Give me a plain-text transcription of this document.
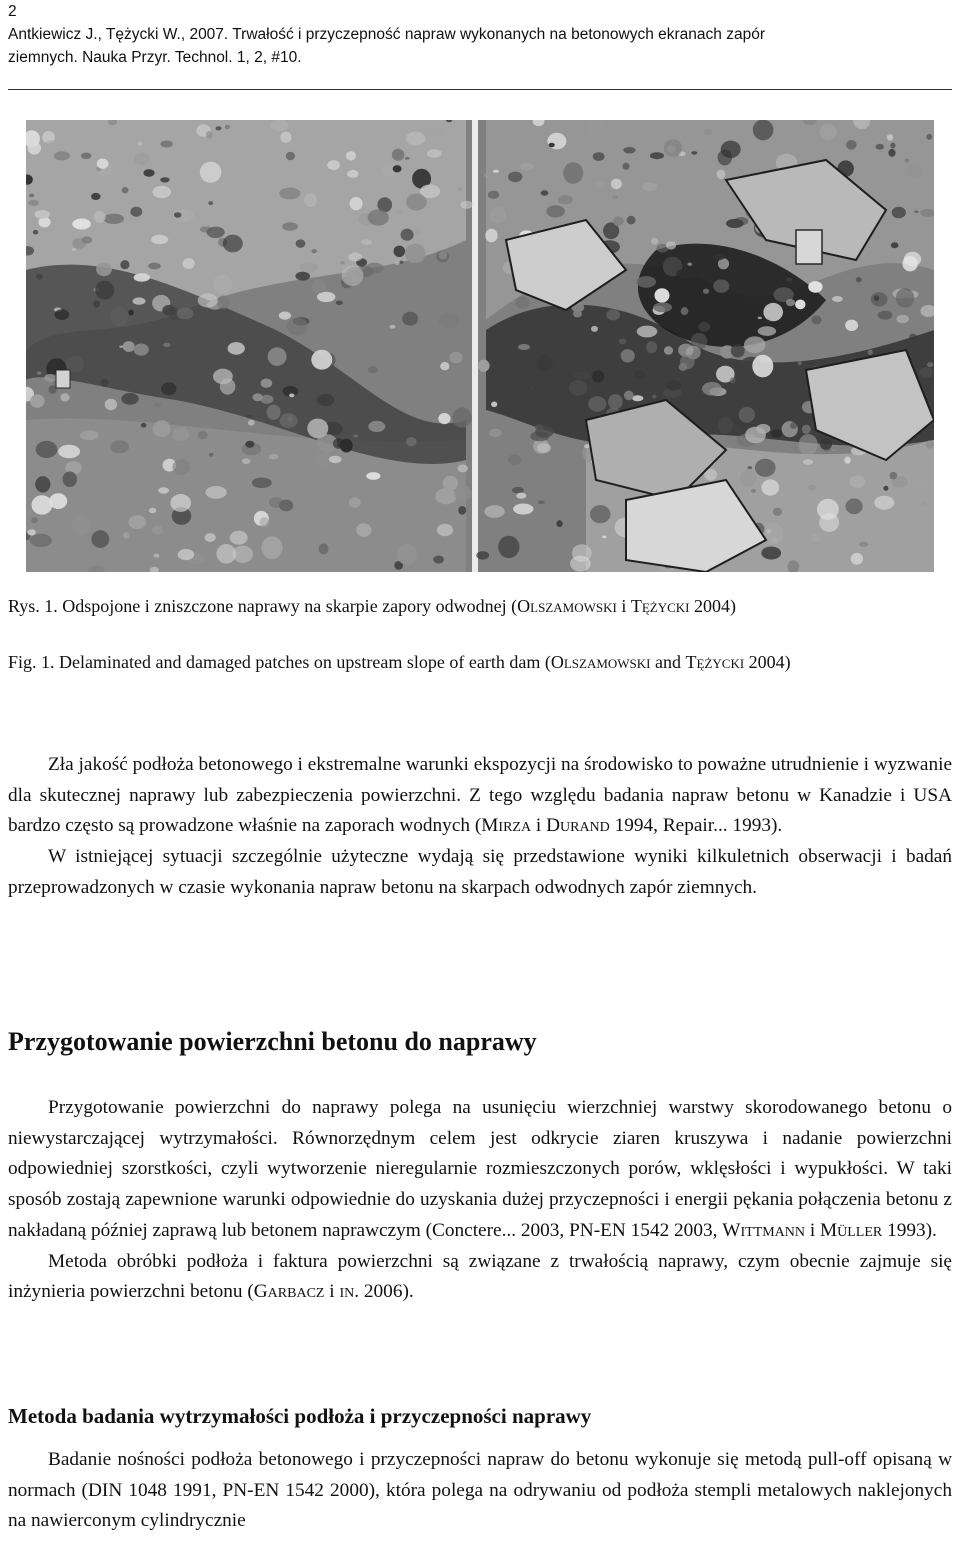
2
Antkiewicz J., Tężycki W., 2007. Trwałość i przyczepność napraw wykonanych na betonowych ekranach zapór
ziemnych. Nauka Przyr. Technol. 1, 2, #10.
Rys. 1. Odspojone i zniszczone naprawy na skarpie zapory odwodnej (Olszamowski i Tężycki 2004)
Fig. 1. Delaminated and damaged patches on upstream slope of earth dam (Olszamowski and Tężycki 2004)

Zła jakość podłoża betonowego i ekstremalne warunki ekspozycji na środowisko to poważne utrudnienie i wyzwanie dla skutecznej naprawy lub zabezpieczenia powierzchni. Z tego względu badania napraw betonu w Kanadzie i USA bardzo często są prowadzone właśnie na zaporach wodnych (Mirza i Durand 1994, Repair... 1993).

W istniejącej sytuacji szczególnie użyteczne wydają się przedstawione wyniki kilkuletnich obserwacji i badań przeprowadzonych w czasie wykonania napraw betonu na skarpach odwodnych zapór ziemnych.

Przygotowanie powierzchni betonu do naprawy

Przygotowanie powierzchni do naprawy polega na usunięciu wierzchniej warstwy skorodowanego betonu o niewystarczającej wytrzymałości. Równorzędnym celem jest odkrycie ziaren kruszywa i nadanie powierzchni odpowiedniej szorstkości, czyli wytworzenie nieregularnie rozmieszczonych porów, wklęsłości i wypukłości. W taki sposób zostają zapewnione warunki odpowiednie do uzyskania dużej przyczepności i energii pękania połączenia betonu z nakładaną później zaprawą lub betonem naprawczym (Conctere... 2003, PN-EN 1542 2003, Wittmann i Müller 1993).

Metoda obróbki podłoża i faktura powierzchni są związane z trwałością naprawy, czym obecnie zajmuje się inżynieria powierzchni betonu (Garbacz i in. 2006).

Metoda badania wytrzymałości podłoża i przyczepności naprawy

Badanie nośności podłoża betonowego i przyczepności napraw do betonu wykonuje się metodą pull-off opisaną w normach (DIN 1048 1991, PN-EN 1542 2000), która polega na odrywaniu od podłoża stempli metalowych naklejonych na nawierconym cylindrycznie
